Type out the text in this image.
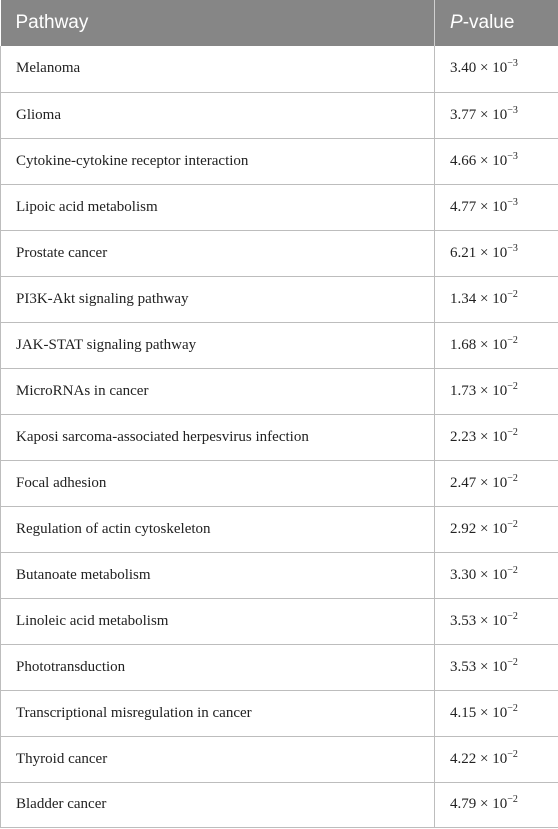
Pathway	P-value
Melanoma	$3.40 \times 10^{-3}$
Glioma	$3.77 \times 10^{-3}$
Cytokine-cytokine receptor interaction	$4.66 \times 10^{-3}$
Lipoic acid metabolism	$4.77 \times 10^{-3}$
Prostate cancer	$6.21 \times 10^{-3}$
PI3K-Akt signaling pathway	$1.34 \times 10^{-2}$
JAK-STAT signaling pathway	$1.68 \times 10^{-2}$
MicroRNAs in cancer	$1.73 \times 10^{-2}$
Kaposi sarcoma-associated herpesvirus infection	$2.23 \times 10^{-2}$
Focal adhesion	$2.47 \times 10^{-2}$
Regulation of actin cytoskeleton	$2.92 \times 10^{-2}$
Butanoate metabolism	$3.30 \times 10^{-2}$
Linoleic acid metabolism	$3.53 \times 10^{-2}$
Phototransduction	$3.53 \times 10^{-2}$
Transcriptional misregulation in cancer	$4.15 \times 10^{-2}$
Thyroid cancer	$4.22 \times 10^{-2}$
Bladder cancer	$4.79 \times 10^{-2}$
